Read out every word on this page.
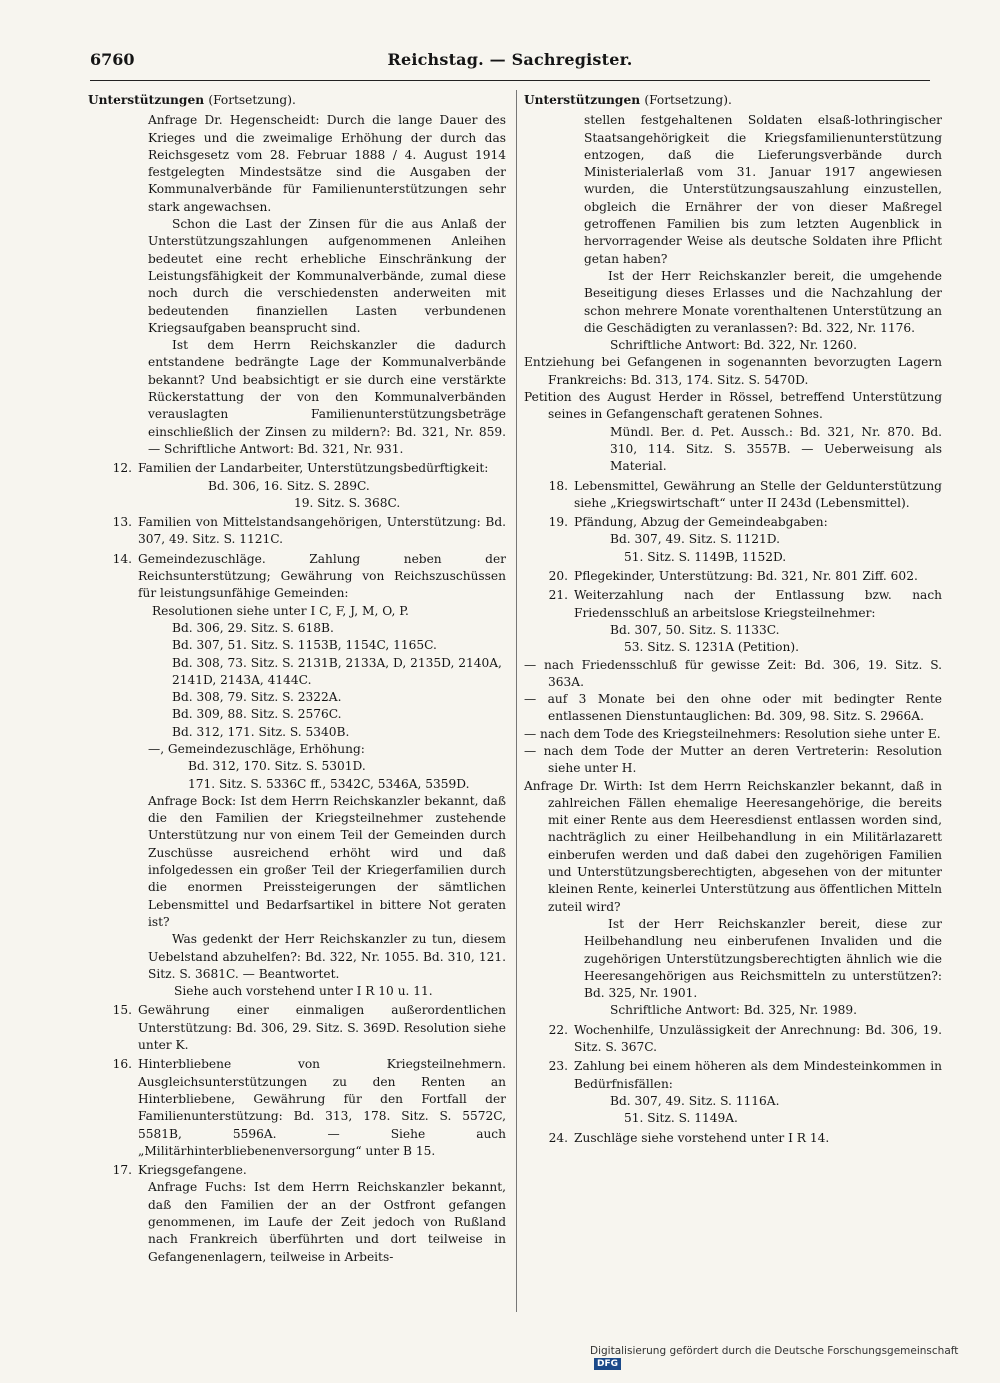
6760	Reichstag. — Sachregister.
Unterstützungen (Fortsetzung).
Anfrage Dr. Hegenscheidt: Durch die lange Dauer des Krieges und die zweimalige Erhöhung der durch das Reichsgesetz vom 28. Februar 1888 / 4. August 1914 festgelegten Mindestsätze sind die Ausgaben der Kommunalverbände für Familienunterstützungen sehr stark angewachsen.
Schon die Last der Zinsen für die aus Anlaß der Unterstützungszahlungen aufgenommenen Anleihen bedeutet eine recht erhebliche Einschränkung der Leistungsfähigkeit der Kommunalverbände, zumal diese noch durch die verschiedensten anderweiten mit bedeutenden finanziellen Lasten verbundenen Kriegsaufgaben beansprucht sind.
Ist dem Herrn Reichskanzler die dadurch entstandene bedrängte Lage der Kommunalverbände bekannt? Und beabsichtigt er sie durch eine verstärkte Rückerstattung der von den Kommunalverbänden verauslagten Familienunterstützungsbeträge einschließlich der Zinsen zu mildern?: Bd. 321, Nr. 859. — Schriftliche Antwort: Bd. 321, Nr. 931.
12. Familien der Landarbeiter, Unterstützungsbedürftigkeit:
Bd. 306, 16. Sitz. S. 289C.
19. Sitz. S. 368C.
13. Familien von Mittelstandsangehörigen, Unterstützung: Bd. 307, 49. Sitz. S. 1121C.
14. Gemeindezuschläge. Zahlung neben der Reichsunterstützung; Gewährung von Reichszuschüssen für leistungsunfähige Gemeinden:
Resolutionen siehe unter I C, F, J, M, O, P.
Bd. 306, 29. Sitz. S. 618B.
Bd. 307, 51. Sitz. S. 1153B, 1154C, 1165C.
Bd. 308, 73. Sitz. S. 2131B, 2133A, D, 2135D, 2140A, 2141D, 2143A, 4144C.
Bd. 308, 79. Sitz. S. 2322A.
Bd. 309, 88. Sitz. S. 2576C.
Bd. 312, 171. Sitz. S. 5340B.
—, Gemeindezuschläge, Erhöhung:
Bd. 312, 170. Sitz. S. 5301D.
171. Sitz. S. 5336C ff., 5342C, 5346A, 5359D.
Anfrage Bock: Ist dem Herrn Reichskanzler bekannt, daß die den Familien der Kriegsteilnehmer zustehende Unterstützung nur von einem Teil der Gemeinden durch Zuschüsse ausreichend erhöht wird und daß infolgedessen ein großer Teil der Kriegerfamilien durch die enormen Preissteigerungen der sämtlichen Lebensmittel und Bedarfsartikel in bittere Not geraten ist?
Was gedenkt der Herr Reichskanzler zu tun, diesem Uebelstand abzuhelfen?: Bd. 322, Nr. 1055. Bd. 310, 121. Sitz. S. 3681C. — Beantwortet.
Siehe auch vorstehend unter I R 10 u. 11.
15. Gewährung einer einmaligen außerordentlichen Unterstützung: Bd. 306, 29. Sitz. S. 369D. Resolution siehe unter K.
16. Hinterbliebene von Kriegsteilnehmern. Ausgleichsunterstützungen zu den Renten an Hinterbliebene, Gewährung für den Fortfall der Familienunterstützung: Bd. 313, 178. Sitz. S. 5572C, 5581B, 5596A. — Siehe auch „Militärhinterbliebenenversorgung“ unter B 15.
17. Kriegsgefangene.
Anfrage Fuchs: Ist dem Herrn Reichskanzler bekannt, daß den Familien der an der Ostfront gefangen genommenen, im Laufe der Zeit jedoch von Rußland nach Frankreich überführten und dort teilweise in Gefangenenlagern, teilweise in Arbeits-
Unterstützungen (Fortsetzung).
stellen festgehaltenen Soldaten elsaß-lothringischer Staatsangehörigkeit die Kriegsfamilienunterstützung entzogen, daß die Lieferungsverbände durch Ministerialerlaß vom 31. Januar 1917 angewiesen wurden, die Unterstützungsauszahlung einzustellen, obgleich die Ernährer der von dieser Maßregel getroffenen Familien bis zum letzten Augenblick in hervorragender Weise als deutsche Soldaten ihre Pflicht getan haben?
Ist der Herr Reichskanzler bereit, die umgehende Beseitigung dieses Erlasses und die Nachzahlung der schon mehrere Monate vorenthaltenen Unterstützung an die Geschädigten zu veranlassen?: Bd. 322, Nr. 1176.
Schriftliche Antwort: Bd. 322, Nr. 1260.
Entziehung bei Gefangenen in sogenannten bevorzugten Lagern Frankreichs: Bd. 313, 174. Sitz. S. 5470D.
Petition des August Herder in Rössel, betreffend Unterstützung seines in Gefangenschaft geratenen Sohnes.
Mündl. Ber. d. Pet. Aussch.: Bd. 321, Nr. 870. Bd. 310, 114. Sitz. S. 3557B. — Ueberweisung als Material.
18. Lebensmittel, Gewährung an Stelle der Geldunterstützung siehe „Kriegswirtschaft“ unter II 243d (Lebensmittel).
19. Pfändung, Abzug der Gemeindeabgaben:
Bd. 307, 49. Sitz. S. 1121D.
51. Sitz. S. 1149B, 1152D.
20. Pflegekinder, Unterstützung: Bd. 321, Nr. 801 Ziff. 602.
21. Weiterzahlung nach der Entlassung bzw. nach Friedensschluß an arbeitslose Kriegsteilnehmer:
Bd. 307, 50. Sitz. S. 1133C.
53. Sitz. S. 1231A (Petition).
— nach Friedensschluß für gewisse Zeit: Bd. 306, 19. Sitz. S. 363A.
— auf 3 Monate bei den ohne oder mit bedingter Rente entlassenen Dienstuntauglichen: Bd. 309, 98. Sitz. S. 2966A.
— nach dem Tode des Kriegsteilnehmers: Resolution siehe unter E.
— nach dem Tode der Mutter an deren Vertreterin: Resolution siehe unter H.
Anfrage Dr. Wirth: Ist dem Herrn Reichskanzler bekannt, daß in zahlreichen Fällen ehemalige Heeresangehörige, die bereits mit einer Rente aus dem Heeresdienst entlassen worden sind, nachträglich zu einer Heilbehandlung in ein Militärlazarett einberufen werden und daß dabei den zugehörigen Familien und Unterstützungsberechtigten, abgesehen von der mitunter kleinen Rente, keinerlei Unterstützung aus öffentlichen Mitteln zuteil wird?
Ist der Herr Reichskanzler bereit, diese zur Heilbehandlung neu einberufenen Invaliden und die zugehörigen Unterstützungsberechtigten ähnlich wie die Heeresangehörigen aus Reichsmitteln zu unterstützen?: Bd. 325, Nr. 1901.
Schriftliche Antwort: Bd. 325, Nr. 1989.
22. Wochenhilfe, Unzulässigkeit der Anrechnung: Bd. 306, 19. Sitz. S. 367C.
23. Zahlung bei einem höheren als dem Mindesteinkommen in Bedürfnisfällen:
Bd. 307, 49. Sitz. S. 1116A.
51. Sitz. S. 1149A.
24. Zuschläge siehe vorstehend unter I R 14.
Digitalisierung gefördert durch die Deutsche Forschungsgemeinschaft DFG
